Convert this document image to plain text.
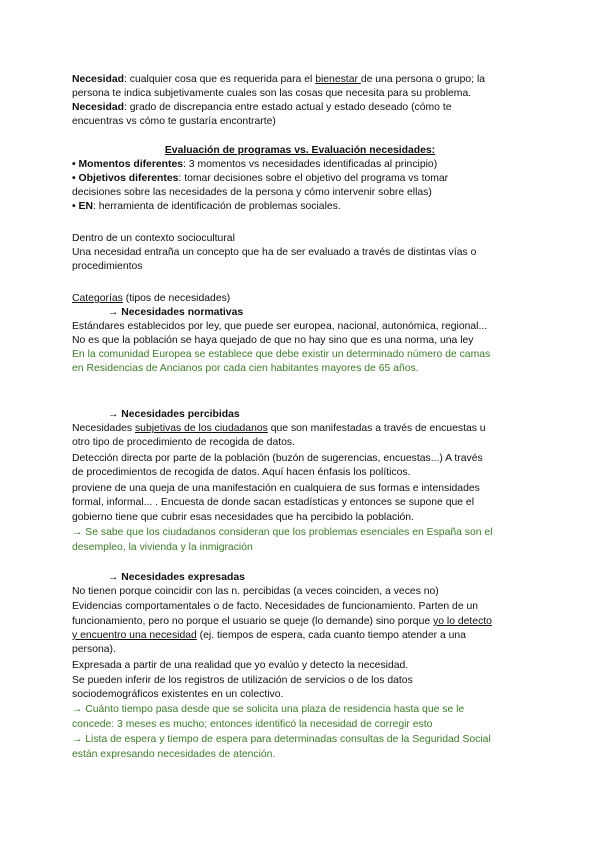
Necesidad: cualquier cosa que es requerida para el bienestar de una persona o grupo; la

persona te indica subjetivamente cuales son las cosas que necesita para su problema.

Necesidad: grado de discrepancia entre estado actual y estado deseado (cómo te

encuentras vs cómo te gustaría encontrarte)

Evaluación de programas vs. Evaluación necesidades:

• Momentos diferentes: 3 momentos vs necesidades identificadas al principio)

• Objetivos diferentes: tomar decisiones sobre el objetivo del programa vs tomar

decisiones sobre las necesidades de la persona y cómo intervenir sobre ellas)

• EN: herramienta de identificación de problemas sociales.

Dentro de un contexto sociocultural

Una necesidad entraña un concepto que ha de ser evaluado a través de distintas vías o

procedimientos

Categorías (tipos de necesidades)

→ Necesidades normativas

Estándares establecidos por ley, que puede ser europea, nacional, autonómica, regional...

No es que la población se haya quejado de que no hay sino que es una norma, una ley

En la comunidad Europea se establece que debe existir un determinado número de camas

en Residencias de Ancianos por cada cien habitantes mayores de 65 años.

→ Necesidades percibidas

Necesidades subjetivas de los ciudadanos que son manifestadas a través de encuestas u

otro tipo de procedimiento de recogida de datos.

Detección directa por parte de la población (buzón de sugerencias, encuestas...) A través

de procedimientos de recogida de datos. Aquí hacen énfasis los políticos.

proviene de una queja de una manifestación en cualquiera de sus formas e intensidades

formal, informal... . Encuesta de donde sacan estadísticas y entonces se supone que el

gobierno tiene que cubrir esas necesidades que ha percibido la población.

→ Se sabe que los ciudadanos consideran que los problemas esenciales en España son el

desempleo, la vivienda y la inmigración

→ Necesidades expresadas

No tienen porque coincidir con las n. percibidas (a veces coinciden, a veces no)

Evidencias comportamentales o de facto. Necesidades de funcionamiento. Parten de un

funcionamiento, pero no porque el usuario se queje (lo demande) sino porque yo lo detecto

y encuentro una necesidad (ej. tiempos de espera, cada cuanto tiempo atender a una

persona).

Expresada a partir de una realidad que yo evalúo y detecto la necesidad.

Se pueden inferir de los registros de utilización de servicios o de los datos

sociodemográficos existentes en un colectivo.

→ Cuánto tiempo pasa desde que se solicita una plaza de residencia hasta que se le

concede: 3 meses es mucho; entonces identificó la necesidad de corregir esto

→ Lista de espera y tiempo de espera para determinadas consultas de la Seguridad Social

están expresando necesidades de atención.
